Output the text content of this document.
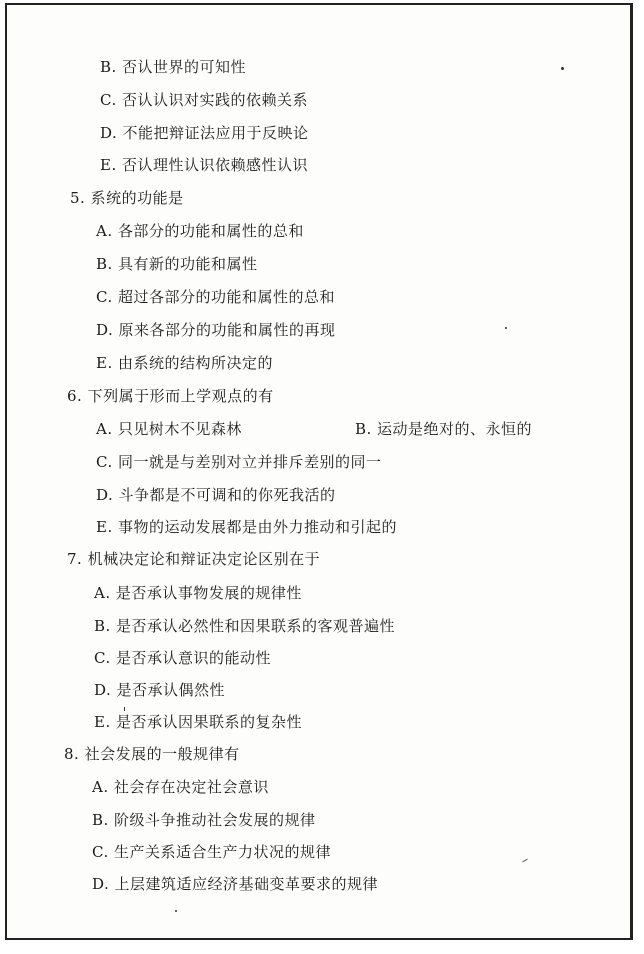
B. 否认世界的可知性
C. 否认认识对实践的依赖关系
D. 不能把辩证法应用于反映论
E. 否认理性认识依赖感性认识
5. 系统的功能是
A. 各部分的功能和属性的总和
B. 具有新的功能和属性
C. 超过各部分的功能和属性的总和
D. 原来各部分的功能和属性的再现
E. 由系统的结构所决定的
6. 下列属于形而上学观点的有
A. 只见树木不见森林	B. 运动是绝对的、永恒的
C. 同一就是与差别对立并排斥差别的同一
D. 斗争都是不可调和的你死我活的
E. 事物的运动发展都是由外力推动和引起的
7. 机械决定论和辩证决定论区别在于
A. 是否承认事物发展的规律性
B. 是否承认必然性和因果联系的客观普遍性
C. 是否承认意识的能动性
D. 是否承认偶然性
E. 是否承认因果联系的复杂性
8. 社会发展的一般规律有
A. 社会存在决定社会意识
B. 阶级斗争推动社会发展的规律
C. 生产关系适合生产力状况的规律
D. 上层建筑适应经济基础变革要求的规律
